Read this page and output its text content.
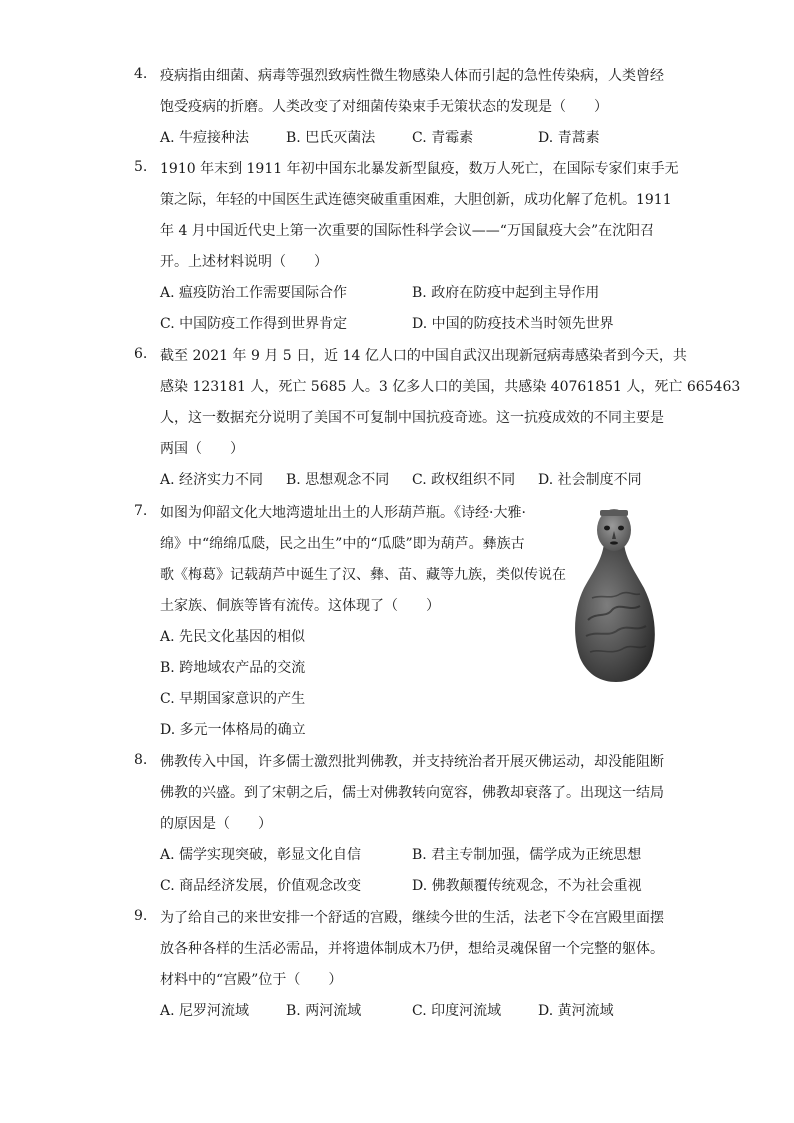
4. 疫病指由细菌、病毒等强烈致病性微生物感染人体而引起的急性传染病，人类曾经
饱受疫病的折磨。人类改变了对细菌传染束手无策状态的发现是（　　）
A. 牛痘接种法	B. 巴氏灭菌法	C. 青霉素	D. 青蒿素
5. 1910 年末到 1911 年初中国东北暴发新型鼠疫，数万人死亡，在国际专家们束手无
策之际，年轻的中国医生武连德突破重重困难，大胆创新，成功化解了危机。1911
年 4 月中国近代史上第一次重要的国际性科学会议——“万国鼠疫大会”在沈阳召
开。上述材料说明（　　）
A. 瘟疫防治工作需要国际合作	B. 政府在防疫中起到主导作用
C. 中国防疫工作得到世界肯定	D. 中国的防疫技术当时领先世界
6. 截至 2021 年 9 月 5 日，近 14 亿人口的中国自武汉出现新冠病毒感染者到今天，共
感染 123181 人，死亡 5685 人。3 亿多人口的美国，共感染 40761851 人，死亡 665463
人，这一数据充分说明了美国不可复制中国抗疫奇迹。这一抗疫成效的不同主要是
两国（　　）
A. 经济实力不同 B. 思想观念不同 C. 政权组织不同 D. 社会制度不同
7. 如图为仰韶文化大地湾遗址出土的人形葫芦瓶。《诗经·大雅·
绵》中“绵绵瓜瓞，民之出生”中的“瓜瓞”即为葫芦。彝族古
歌《梅葛》记载葫芦中诞生了汉、彝、苗、藏等九族，类似传说在
土家族、侗族等皆有流传。这体现了（　　）
A. 先民文化基因的相似
B. 跨地域农产品的交流
C. 早期国家意识的产生
D. 多元一体格局的确立
8. 佛教传入中国，许多儒士激烈批判佛教，并支持统治者开展灭佛运动，却没能阻断
佛教的兴盛。到了宋朝之后，儒士对佛教转向宽容，佛教却衰落了。出现这一结局
的原因是（　　）
A. 儒学实现突破，彰显文化自信	B. 君主专制加强，儒学成为正统思想
C. 商品经济发展，价值观念改变	D. 佛教颠覆传统观念，不为社会重视
9. 为了给自己的来世安排一个舒适的宫殿，继续今世的生活，法老下令在宫殿里面摆
放各种各样的生活必需品，并将遗体制成木乃伊，想给灵魂保留一个完整的躯体。
材料中的“宫殿”位于（　　）
A. 尼罗河流域	B. 两河流域	C. 印度河流域	D. 黄河流域
